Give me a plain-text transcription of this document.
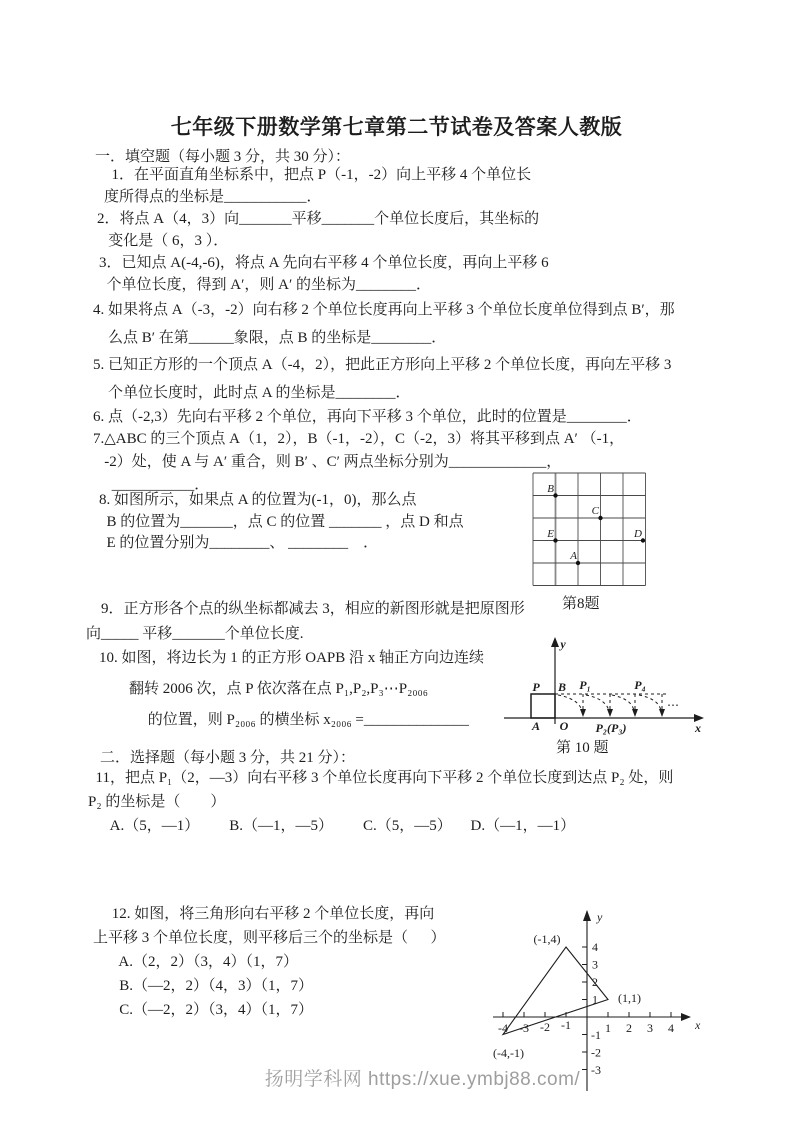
扬明学科网 https://xue.ymbj88.com/
七年级下册数学第七章第二节试卷及答案人教版
一．填空题（每小题 3 分，共 30 分）：
1．在平面直角坐标系中，把点 P（-1，-2）向上平移 4 个单位长
度所得点的坐标是___________．
2．将点 A（4，3）向_______平移_______个单位长度后，其坐标的
变化是（ 6，3 ）．
3．已知点 A(-4,-6)，将点 A 先向右平移 4 个单位长度，再向上平移 6
个单位长度，得到 A′，则 A′ 的坐标为________．
4. 如果将点 A（-3，-2）向右移 2 个单位长度再向上平移 3 个单位长度单位得到点 B′，那
么点 B′ 在第______象限，点 B 的坐标是________．
5. 已知正方形的一个顶点 A（-4，2），把此正方形向上平移 2 个单位长度，再向左平移 3
个单位长度时，此时点 A 的坐标是________．
6. 点（-2,3）先向右平移 2 个单位，再向下平移 3 个单位，此时的位置是________．
7.△ABC 的三个顶点 A（1，2），B（-1，-2），C（-2，3）将其平移到点 A′ （-1，
-2）处，使 A 与 A′ 重合，则 B′ 、C′ 两点坐标分别为_____________，
___________．
8. 如图所示，如果点 A 的位置为(-1，0)，那么点
B 的位置为_______，点 C 的位置 _______ ，点 D 和点
E 的位置分别为________、 ________　．
9．正方形各个点的纵坐标都减去 3，相应的新图形就是把原图形
向_____ 平移_______个单位长度.
10. 如图，将边长为 1 的正方形 OAPB 沿 x 轴正方向边连续
翻转 2006 次，点 P 依次落在点 P₁,P₂,P₃⋯P₂₀₀₆
的位置，则 P₂₀₀₆ 的横坐标 x₂₀₀₆ =______________
二．选择题（每小题 3 分，共 21 分）：
11，把点 P₁（2，—3）向右平移 3 个单位长度再向下平移 2 个单位长度到达点 P₂ 处，则
P₂ 的坐标是（        ）
A.（5，—1）        B.（—1，—5）        C.（5，—5）     D.（—1，—1）
12. 如图，将三角形向右平移 2 个单位长度，再向
上平移 3 个单位长度，则平移后三个的坐标是（      ）
A.（2，2）（3，4）（1，7）
B.（—2，2）（4，3）（1，7）
C.（—2，2）（3，4）（1，7）
B
C
E	D
A
第8题
y
x
P B
A O
P₁	P₄
P₂(P₃)
⋯
第 10 题
-4 -3 -2 -1	1 2 3 4
4
3
2
1
-1
-2
-3
(-1,4)
(1,1)
(-4,-1)
y
x
